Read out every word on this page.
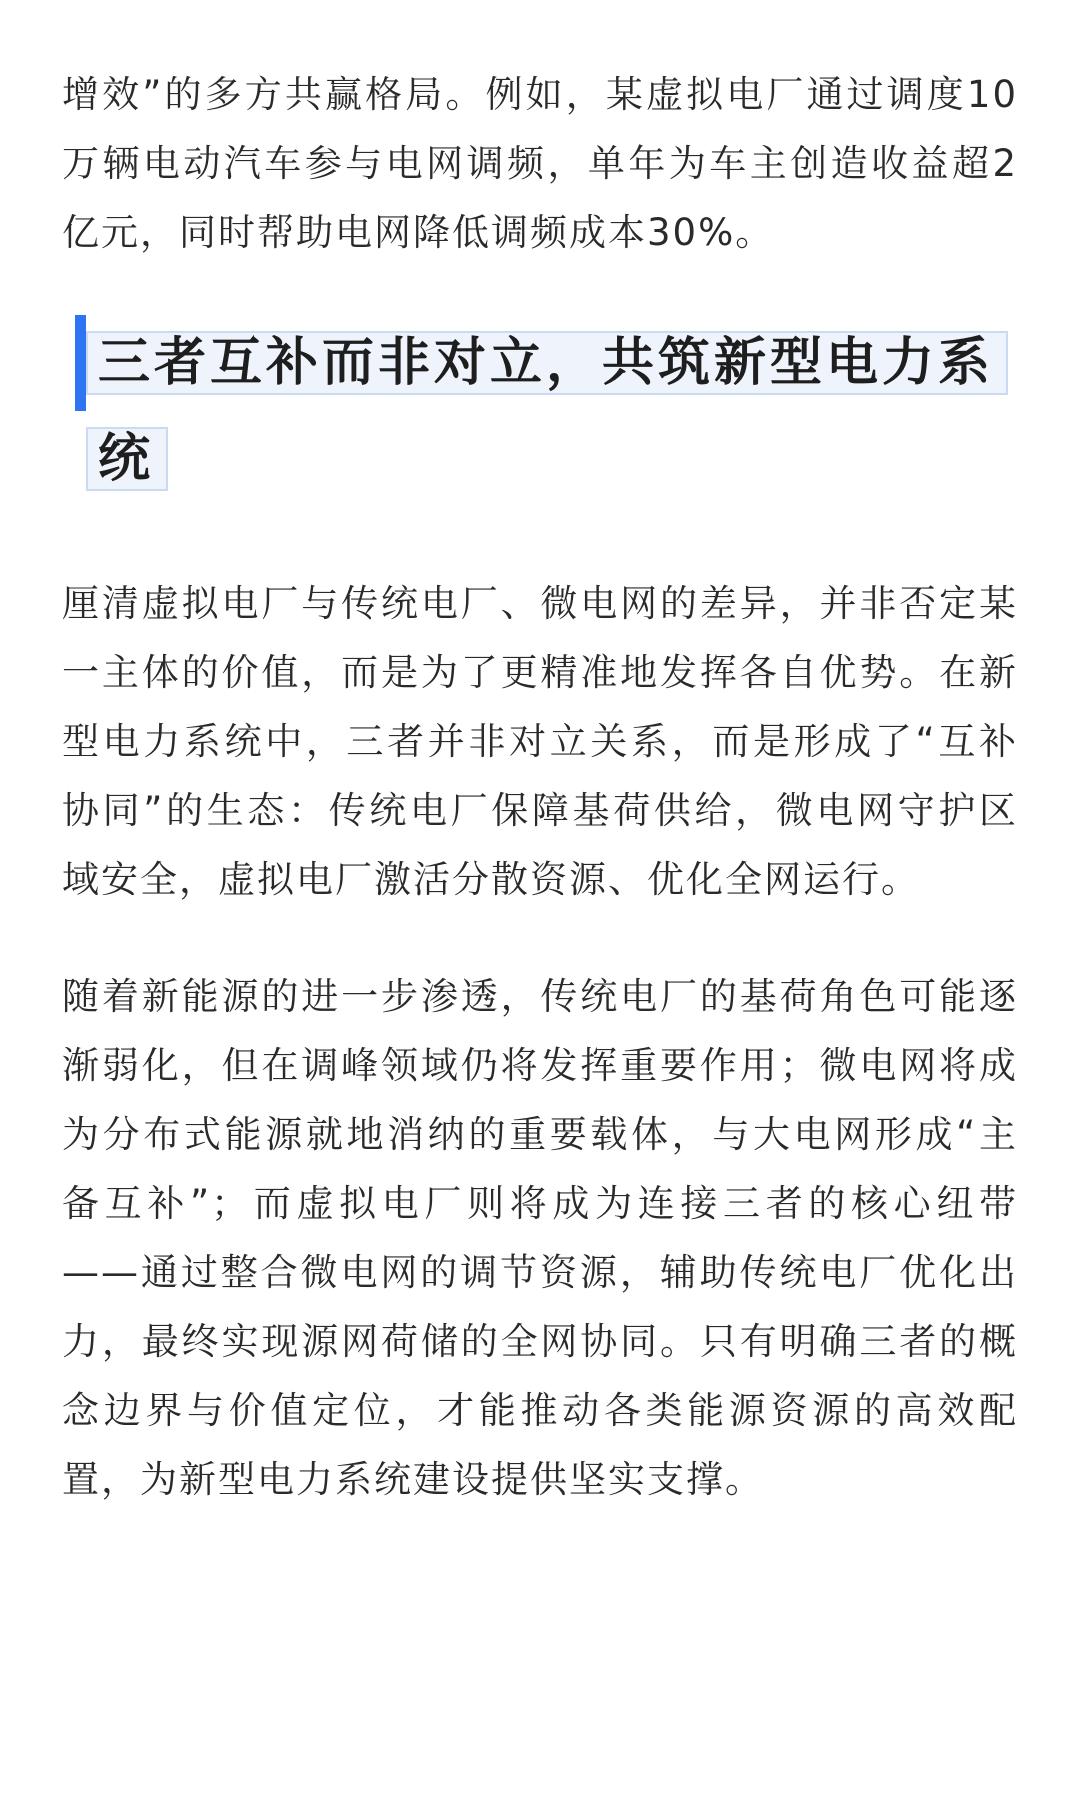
增效”的多方共赢格局。例如，某虚拟电厂通过调度10万辆电动汽车参与电网调频，单年为车主创造收益超2亿元，同时帮助电网降低调频成本30%。

三者互补而非对立，共筑新型电力系统

厘清虚拟电厂与传统电厂、微电网的差异，并非否定某一主体的价值，而是为了更精准地发挥各自优势。在新型电力系统中，三者并非对立关系，而是形成了“互补协同”的生态：传统电厂保障基荷供给，微电网守护区域安全，虚拟电厂激活分散资源、优化全网运行。

随着新能源的进一步渗透，传统电厂的基荷角色可能逐渐弱化，但在调峰领域仍将发挥重要作用；微电网将成为分布式能源就地消纳的重要载体，与大电网形成“主备互补”；而虚拟电厂则将成为连接三者的核心纽带——通过整合微电网的调节资源，辅助传统电厂优化出力，最终实现源网荷储的全网协同。只有明确三者的概念边界与价值定位，才能推动各类能源资源的高效配置，为新型电力系统建设提供坚实支撑。
